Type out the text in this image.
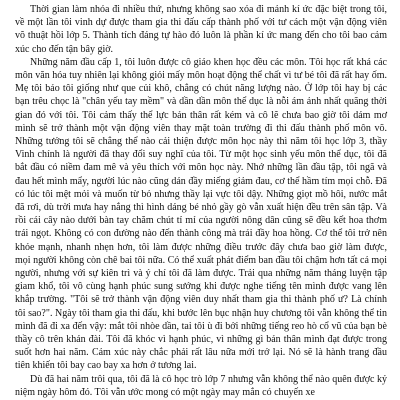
Thời gian làm nhóa đi nhiều thứ, nhưng không sao xóa đi mảnh kí ức đặc biệt trong tôi, về một lần tôi vinh dự được tham gia thi đấu cấp thành phố với tư cách một vận động viên võ thuật hồi lớp 5. Thành tích đáng tự hào đó luôn là phần kí ức mang đến cho tôi bao cảm xúc cho đến tận bây giờ.

Những năm đầu cấp 1, tôi luôn được cô giáo khen học đều các môn. Tôi học rất khá các môn văn hóa tuy nhiên lại không giỏi mấy môn hoạt động thể chất vì tư bé tôi đã rất hay ốm. Mẹ tôi bảo tôi giống như que củi khô, chẳng có chút năng lượng nào. Ở lớp tôi hay bị các bạn trêu chọc là "chân yếu tay mềm" và dần dần môn thể dục là nỗi ám ảnh nhất quãng thời gian đó với tôi. Tôi cảm thấy thể lực bản thân rất kém và cô lẽ chưa bao giờ tôi dám mơ mình sẽ trở thành một vận động viên thay mặt toàn trường đi thi đấu thành phố môn võ. Những tưởng tôi sẽ chẳng thể nào cải thiện được môn học này thì năm tôi học lớp 3, thầy Vinh chính là người đã thay đổi suy nghĩ của tôi. Từ một học sinh yếu môn thể dục, tôi đã bắt đầu có niềm đam mê và yêu thích với môn học này. Nhớ những lần đầu tập, tôi ngã và đau hết mình mẩy, người lúc nào cũng dán đầy miếng giảm đau, cơ thể hầm tím mọi chỗ. Đã có lúc tôi mệt mỏi và muốn từ bỏ nhưng thầy lại vực tôi dậy. Những giọt mồ hôi, nước mắt đã rơi, dù trời mưa hay nắng thì hình dáng bé nhỏ gầy gò vẫn xuất hiện đều trên sân tập. Và rồi cái cây nào dưới bàn tay chăm chút tỉ mỉ của người nông dân cũng sẽ đều kết hoa thơm trái ngọt. Không có con đường nào đến thành công mà trải đầy hoa hồng. Cơ thể tôi trở nên khỏe mạnh, nhanh nhẹn hơn, tôi làm được những điều trước đây chưa bao giờ làm được, mọi người không còn chê bai tôi nữa. Có thể xuất phát điểm ban đầu tôi chậm hơn tất cả mọi người, nhưng với sự kiên trì và ý chí tôi đã làm được. Trải qua những năm tháng luyện tập giam khổ, tôi vô cùng hạnh phúc sung sướng khi được nghe tiếng tên mình được vang lên khắp trường. "Tôi sẽ trở thành vận động viên duy nhất tham gia thi thành phố ư? Là chính tôi sao?". Ngày tôi tham gia thi đấu, khi bước lên bục nhận huy chương tôi vẫn không thể tin mình đã đi xa đến vậy: mắt tôi nhòe dần, tai tôi ù đi bởi những tiếng reo hò cổ vũ của bạn bè thầy cô trên khán đài. Tôi đã khóc vì hạnh phúc, vì những gì bản thân mình đạt được trong suốt hơn hai năm. Cảm xúc này chắc phải rất lâu nữa mới trở lại. Nó sẽ là hành trang đầu tiên khiến tôi bay cao bay xa hơn ở tương lai.

Dù đã hai năm trôi qua, tôi đã là cô học trò lớp 7 nhưng vẫn không thể nào quên được kỷ niệm ngày hôm đó. Tôi vẫn ước mong có một ngày may mắn có chuyến xe
